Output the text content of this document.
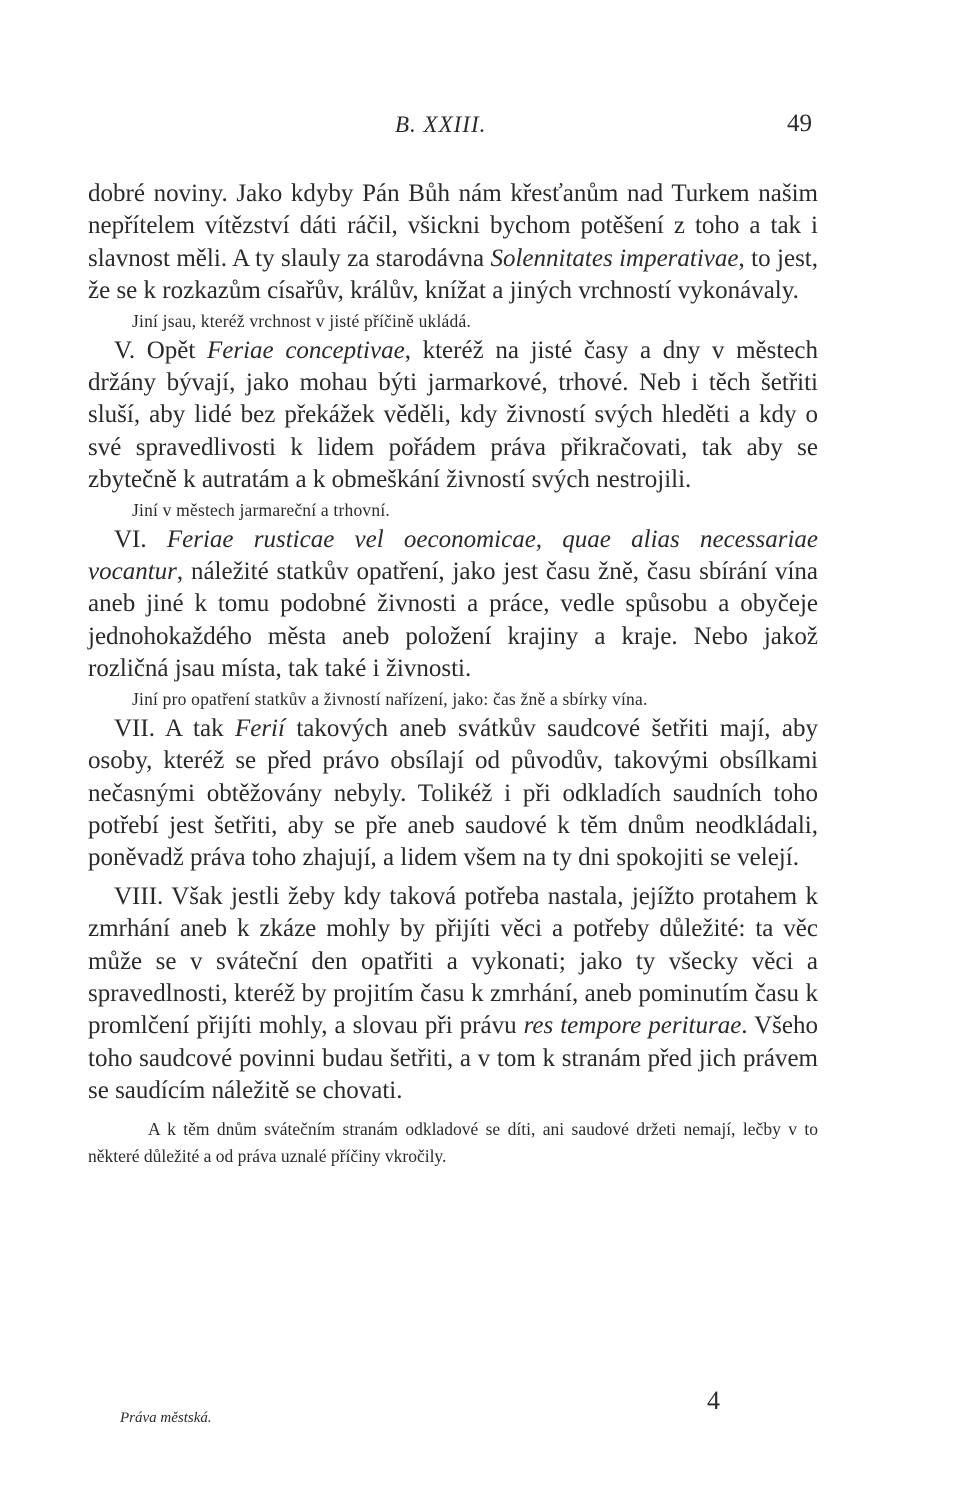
B. XXIII.	49

dobré noviny. Jako kdyby Pán Bůh nám křesťanům nad Turkem našim nepřítelem vítězství dáti ráčil, všickni bychom potěšení z toho a tak i slavnost měli. A ty slauly za starodávna Solennitates imperativae, to jest, že se k rozkazům císařův, králův, knížat a jiných vrchností vykonávaly.

Jiní jsau, kteréž vrchnost v jisté příčině ukládá.

V. Opět Feriae conceptivae, kteréž na jisté časy a dny v městech držány bývají, jako mohau býti jarmarkové, trhové. Neb i těch šetřiti sluší, aby lidé bez překážek věděli, kdy živností svých hleděti a kdy o své spravedlivosti k lidem pořádem práva přikračovati, tak aby se zbytečně k autratám a k obmeškání živností svých nestrojili.

Jiní v městech jarmareční a trhovní.

VI. Feriae rusticae vel oeconomicae, quae alias necessariae vocantur, náležité statkův opatření, jako jest času žně, času sbírání vína aneb jiné k tomu podobné živnosti a práce, vedle spůsobu a obyčeje jednohokaždého města aneb položení krajiny a kraje. Nebo jakož rozličná jsau místa, tak také i živnosti.

Jiní pro opatření statkův a živností nařízení, jako: čas žně a sbírky vína.

VII. A tak Ferií takových aneb svátkův saudcové šetřiti mají, aby osoby, kteréž se před právo obsílají od původův, takovými obsílkami nečasnými obtěžovány nebyly. Tolikéž i při odkladích saudních toho potřebí jest šetřiti, aby se pře aneb saudové k těm dnům neodkládali, poněvadž práva toho zhajují, a lidem všem na ty dni spokojiti se velejí.

VIII. Však jestli žeby kdy taková potřeba nastala, jejížto protahem k zmrhání aneb k zkáze mohly by přijíti věci a potřeby důležité: ta věc může se v sváteční den opatřiti a vykonati; jako ty všecky věci a spravedlnosti, kteréž by projitím času k zmrhání, aneb pominutím času k promlčení přijíti mohly, a slovau při právu res tempore periturae. Všeho toho saudcové povinni budau šetřiti, a v tom k stranám před jich právem se saudícím náležitě se chovati.

A k těm dnům svátečním stranám odkladové se díti, ani saudové držeti nemají, lečby v to některé důležité a od práva uznalé příčiny vkročily.

Práva městská.
4
